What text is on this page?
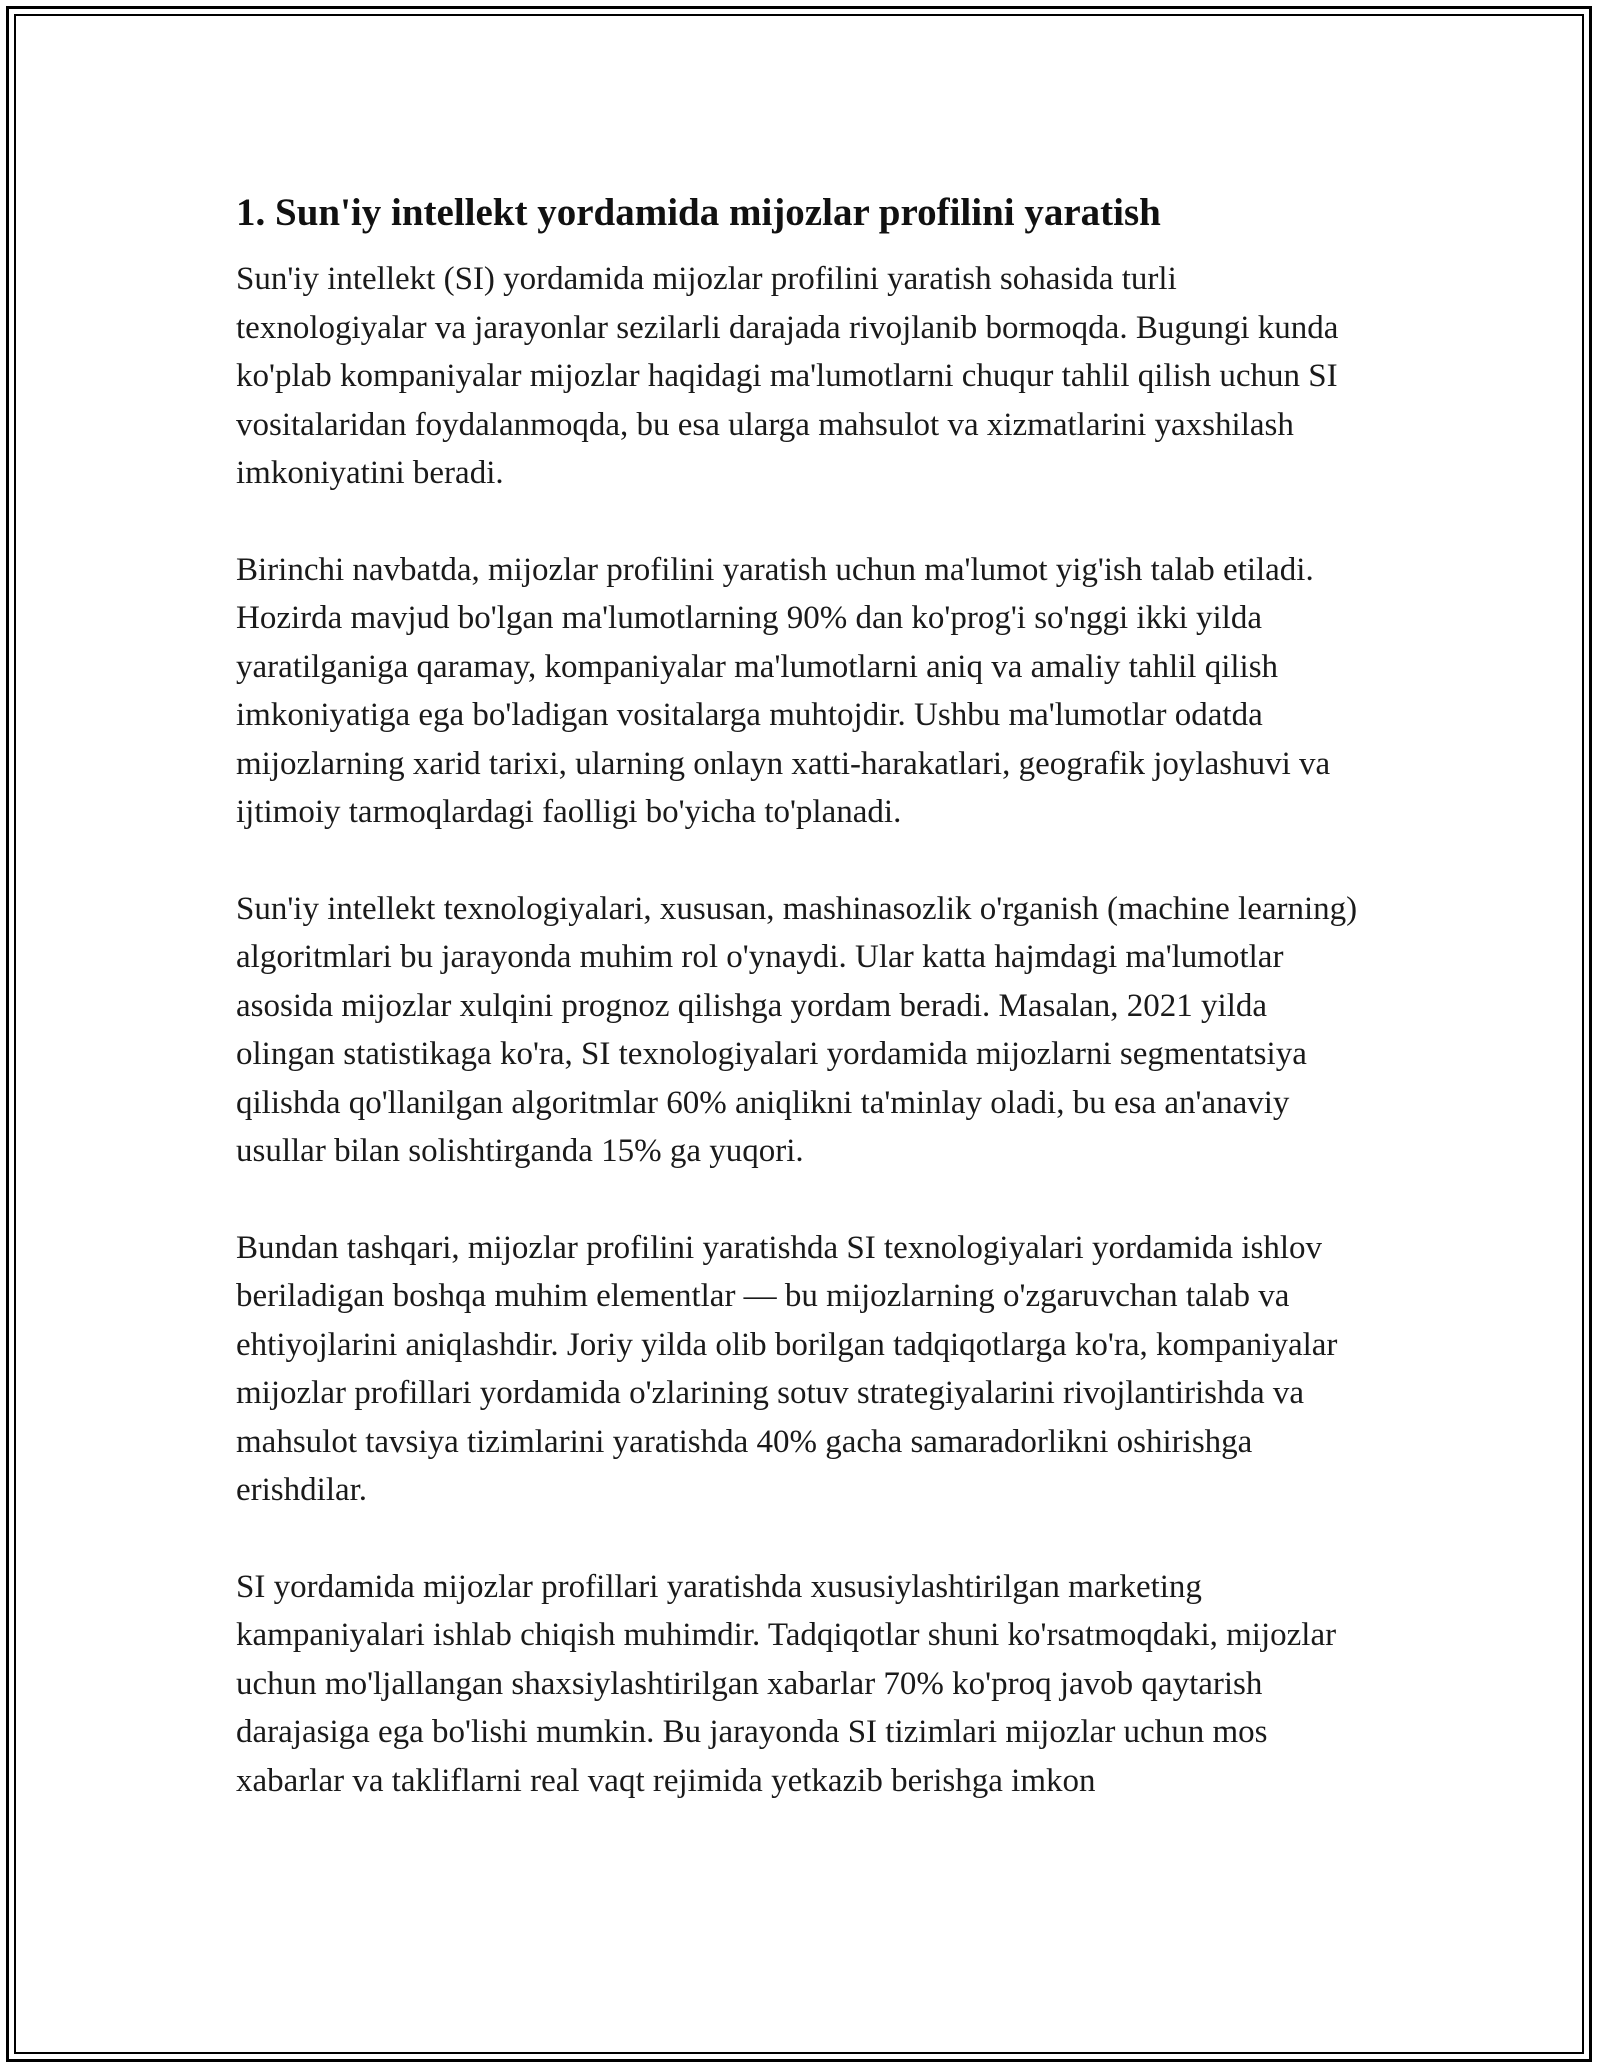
1. Sun'iy intellekt yordamida mijozlar profilini yaratish

Sun'iy intellekt (SI) yordamida mijozlar profilini yaratish sohasida turli texnologiyalar va jarayonlar sezilarli darajada rivojlanib bormoqda. Bugungi kunda ko'plab kompaniyalar mijozlar haqidagi ma'lumotlarni chuqur tahlil qilish uchun SI vositalaridan foydalanmoqda, bu esa ularga mahsulot va xizmatlarini yaxshilash imkoniyatini beradi.

Birinchi navbatda, mijozlar profilini yaratish uchun ma'lumot yig'ish talab etiladi. Hozirda mavjud bo'lgan ma'lumotlarning 90% dan ko'prog'i so'nggi ikki yilda yaratilganiga qaramay, kompaniyalar ma'lumotlarni aniq va amaliy tahlil qilish imkoniyatiga ega bo'ladigan vositalarga muhtojdir. Ushbu ma'lumotlar odatda mijozlarning xarid tarixi, ularning onlayn xatti-harakatlari, geografik joylashuvi va ijtimoiy tarmoqlardagi faolligi bo'yicha to'planadi.

Sun'iy intellekt texnologiyalari, xususan, mashinasozlik o'rganish (machine learning) algoritmlari bu jarayonda muhim rol o'ynaydi. Ular katta hajmdagi ma'lumotlar asosida mijozlar xulqini prognoz qilishga yordam beradi. Masalan, 2021 yilda olingan statistikaga ko'ra, SI texnologiyalari yordamida mijozlarni segmentatsiya qilishda qo'llanilgan algoritmlar 60% aniqlikni ta'minlay oladi, bu esa an'anaviy usullar bilan solishtirganda 15% ga yuqori.

Bundan tashqari, mijozlar profilini yaratishda SI texnologiyalari yordamida ishlov beriladigan boshqa muhim elementlar — bu mijozlarning o'zgaruvchan talab va ehtiyojlarini aniqlashdir. Joriy yilda olib borilgan tadqiqotlarga ko'ra, kompaniyalar mijozlar profillari yordamida o'zlarining sotuv strategiyalarini rivojlantirishda va mahsulot tavsiya tizimlarini yaratishda 40% gacha samaradorlikni oshirishga erishdilar.

SI yordamida mijozlar profillari yaratishda xususiylashtirilgan marketing kampaniyalari ishlab chiqish muhimdir. Tadqiqotlar shuni ko'rsatmoqdaki, mijozlar uchun mo'ljallangan shaxsiylashtirilgan xabarlar 70% ko'proq javob qaytarish darajasiga ega bo'lishi mumkin. Bu jarayonda SI tizimlari mijozlar uchun mos xabarlar va takliflarni real vaqt rejimida yetkazib berishga imkon
